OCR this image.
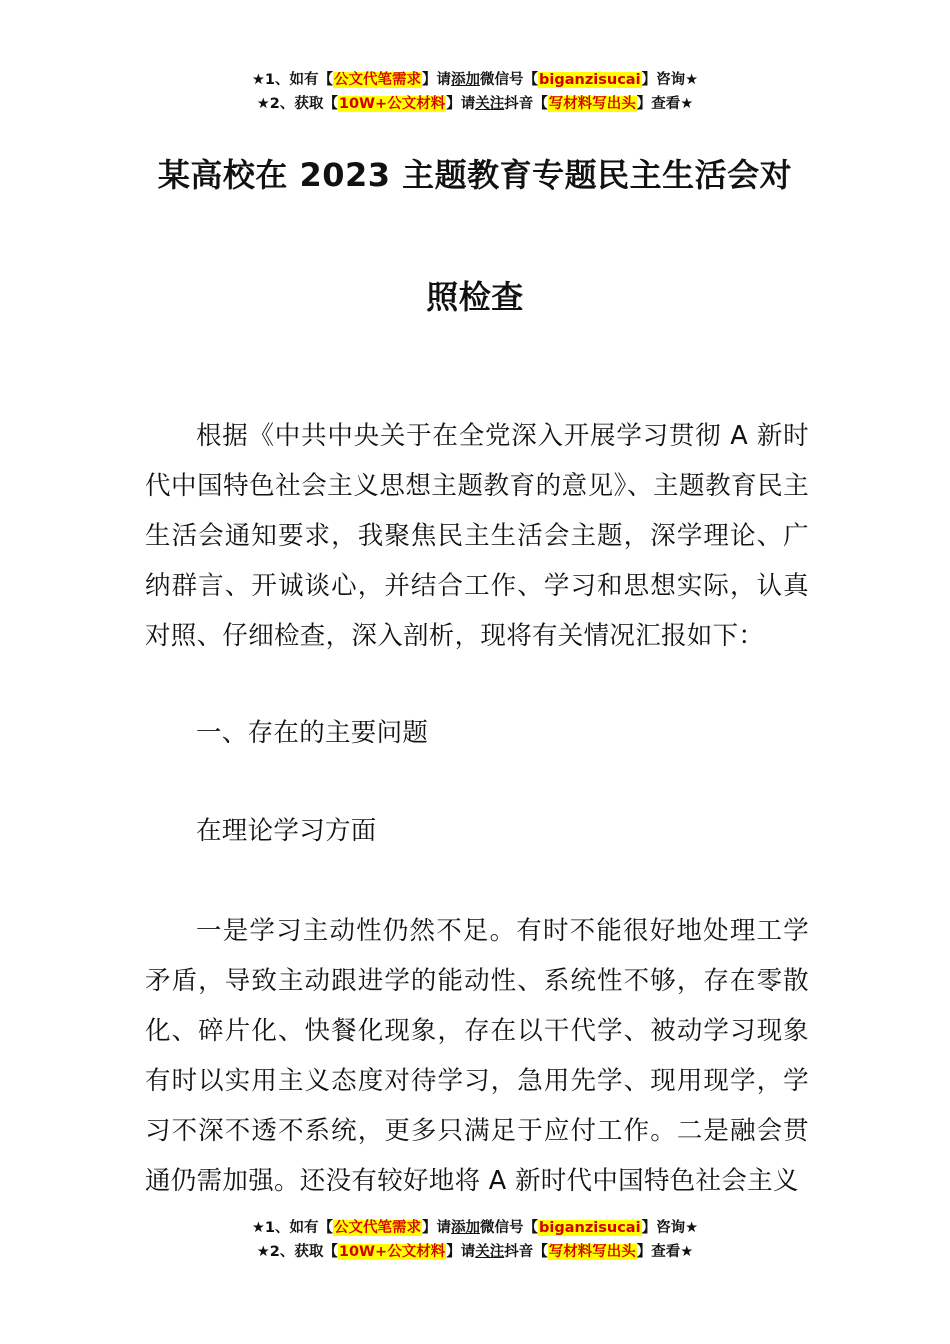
★1、如有【公文代笔需求】请添加微信号【biganzisucai】咨询★
★2、获取【10W+公文材料】请关注抖音【写材料写出头】查看★
某高校在 2023 主题教育专题民主生活会对
照检查

根据《中共中央关于在全党深入开展学习贯彻 A 新时代中国特色社会主义思想主题教育的意见》、主题教育民主生活会通知要求，我聚焦民主生活会主题，深学理论、广纳群言、开诚谈心，并结合工作、学习和思想实际，认真对照、仔细检查，深入剖析，现将有关情况汇报如下：

一、存在的主要问题

在理论学习方面

一是学习主动性仍然不足。有时不能很好地处理工学矛盾，导致主动跟进学的能动性、系统性不够，存在零散化、碎片化、快餐化现象，存在以干代学、被动学习现象有时以实用主义态度对待学习，急用先学、现用现学，学习不深不透不系统，更多只满足于应付工作。二是融会贯通仍需加强。还没有较好地将 A 新时代中国特色社会主义

★1、如有【公文代笔需求】请添加微信号【biganzisucai】咨询★
★2、获取【10W+公文材料】请关注抖音【写材料写出头】查看★
